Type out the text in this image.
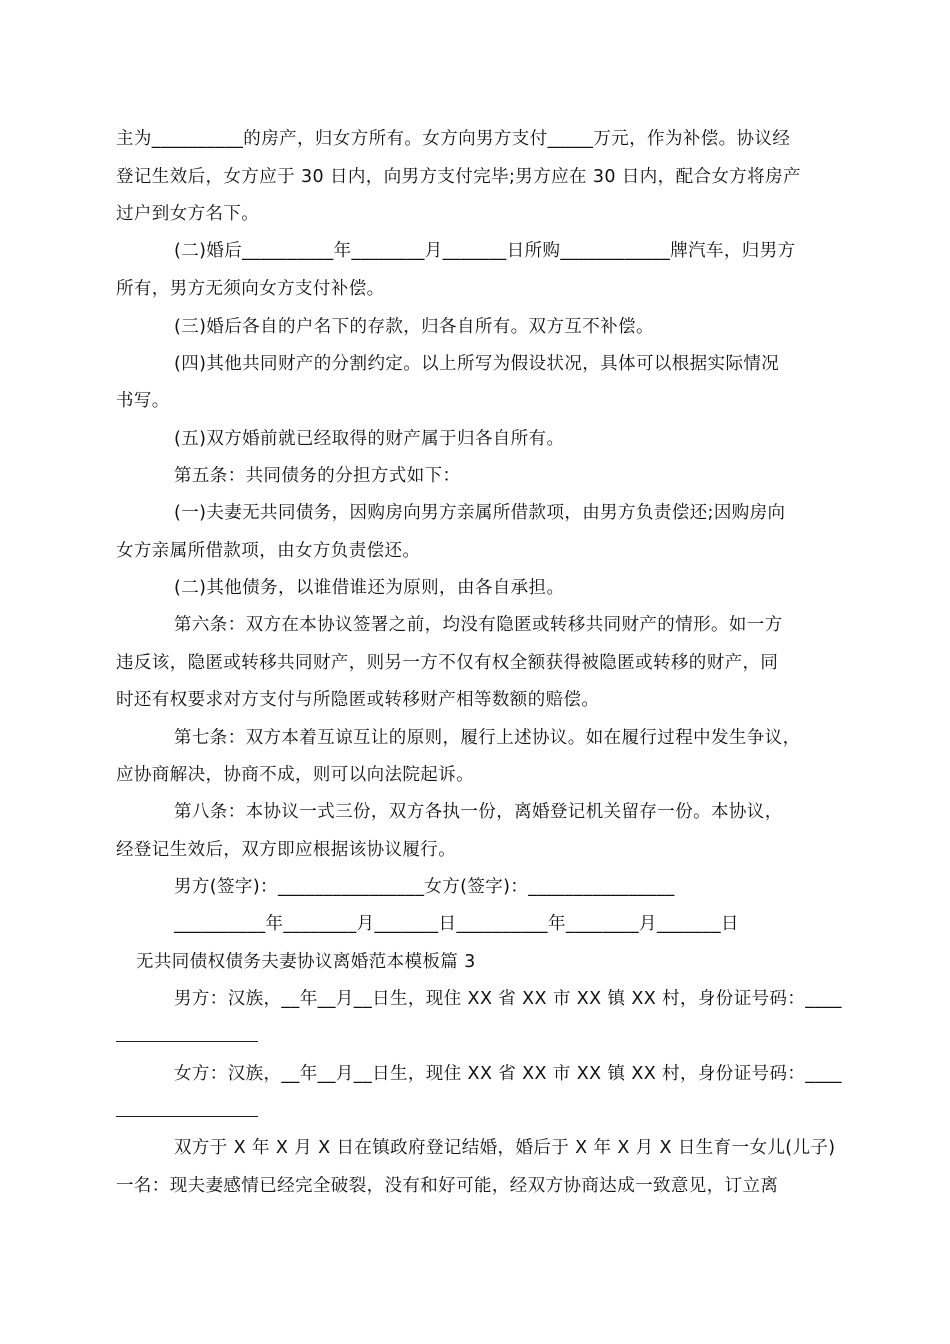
主为__________的房产，归女方所有。女方向男方支付_____万元，作为补偿。协议经
登记生效后，女方应于 30 日内，向男方支付完毕;男方应在 30 日内，配合女方将房产
过户到女方名下。
(二)婚后__________年________月_______日所购____________牌汽车，归男方
所有，男方无须向女方支付补偿。
(三)婚后各自的户名下的存款，归各自所有。双方互不补偿。
(四)其他共同财产的分割约定。以上所写为假设状况，具体可以根据实际情况
书写。
(五)双方婚前就已经取得的财产属于归各自所有。
第五条：共同债务的分担方式如下：
(一)夫妻无共同债务，因购房向男方亲属所借款项，由男方负责偿还;因购房向
女方亲属所借款项，由女方负责偿还。
(二)其他债务，以谁借谁还为原则，由各自承担。
第六条：双方在本协议签署之前，均没有隐匿或转移共同财产的情形。如一方
违反该，隐匿或转移共同财产，则另一方不仅有权全额获得被隐匿或转移的财产，同
时还有权要求对方支付与所隐匿或转移财产相等数额的赔偿。
第七条：双方本着互谅互让的原则，履行上述协议。如在履行过程中发生争议，
应协商解决，协商不成，则可以向法院起诉。
第八条：本协议一式三份，双方各执一份，离婚登记机关留存一份。本协议，
经登记生效后，双方即应根据该协议履行。
男方(签字)：________________女方(签字)：________________
__________年________月_______日__________年________月_______日
无共同债权债务夫妻协议离婚范本模板篇 3
男方：汉族，__年__月__日生，现住 XX 省 XX 市 XX 镇 XX 村，身份证号码：____
女方：汉族，__年__月__日生，现住 XX 省 XX 市 XX 镇 XX 村，身份证号码：____
双方于 X 年 X 月 X 日在镇政府登记结婚，婚后于 X 年 X 月 X 日生育一女儿(儿子)
一名：现夫妻感情已经完全破裂，没有和好可能，经双方协商达成一致意见，订立离
